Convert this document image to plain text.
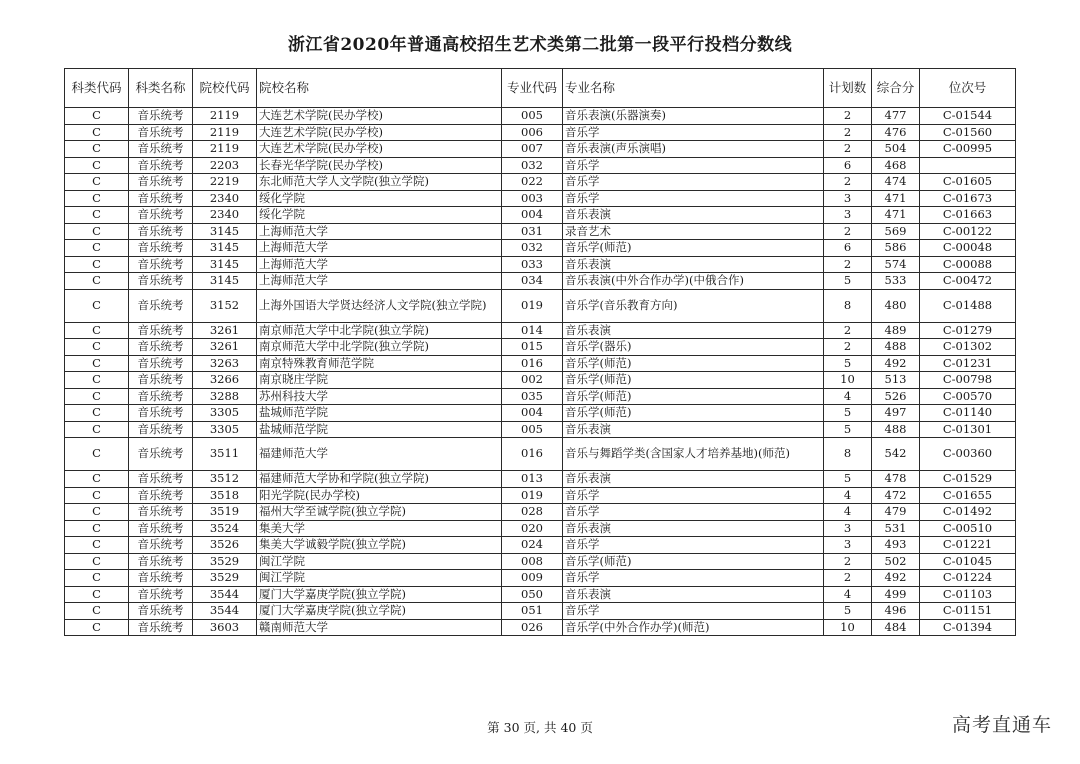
浙江省2020年普通高校招生艺术类第二批第一段平行投档分数线
科类代码	科类名称	院校代码	院校名称	专业代码	专业名称	计划数	综合分	位次号
C	音乐统考	2119	大连艺术学院(民办学校)	005	音乐表演(乐器演奏)	2	477	C-01544
C	音乐统考	2119	大连艺术学院(民办学校)	006	音乐学	2	476	C-01560
C	音乐统考	2119	大连艺术学院(民办学校)	007	音乐表演(声乐演唱)	2	504	C-00995
C	音乐统考	2203	长春光华学院(民办学校)	032	音乐学	6	468	
C	音乐统考	2219	东北师范大学人文学院(独立学院)	022	音乐学	2	474	C-01605
C	音乐统考	2340	绥化学院	003	音乐学	3	471	C-01673
C	音乐统考	2340	绥化学院	004	音乐表演	3	471	C-01663
C	音乐统考	3145	上海师范大学	031	录音艺术	2	569	C-00122
C	音乐统考	3145	上海师范大学	032	音乐学(师范)	6	586	C-00048
C	音乐统考	3145	上海师范大学	033	音乐表演	2	574	C-00088
C	音乐统考	3145	上海师范大学	034	音乐表演(中外合作办学)(中俄合作)	5	533	C-00472
C	音乐统考	3152	上海外国语大学贤达经济人文学院(独立学院)	019	音乐学(音乐教育方向)	8	480	C-01488
C	音乐统考	3261	南京师范大学中北学院(独立学院)	014	音乐表演	2	489	C-01279
C	音乐统考	3261	南京师范大学中北学院(独立学院)	015	音乐学(器乐)	2	488	C-01302
C	音乐统考	3263	南京特殊教育师范学院	016	音乐学(师范)	5	492	C-01231
C	音乐统考	3266	南京晓庄学院	002	音乐学(师范)	10	513	C-00798
C	音乐统考	3288	苏州科技大学	035	音乐学(师范)	4	526	C-00570
C	音乐统考	3305	盐城师范学院	004	音乐学(师范)	5	497	C-01140
C	音乐统考	3305	盐城师范学院	005	音乐表演	5	488	C-01301
C	音乐统考	3511	福建师范大学	016	音乐与舞蹈学类(含国家人才培养基地)(师范)	8	542	C-00360
C	音乐统考	3512	福建师范大学协和学院(独立学院)	013	音乐表演	5	478	C-01529
C	音乐统考	3518	阳光学院(民办学校)	019	音乐学	4	472	C-01655
C	音乐统考	3519	福州大学至诚学院(独立学院)	028	音乐学	4	479	C-01492
C	音乐统考	3524	集美大学	020	音乐表演	3	531	C-00510
C	音乐统考	3526	集美大学诚毅学院(独立学院)	024	音乐学	3	493	C-01221
C	音乐统考	3529	闽江学院	008	音乐学(师范)	2	502	C-01045
C	音乐统考	3529	闽江学院	009	音乐学	2	492	C-01224
C	音乐统考	3544	厦门大学嘉庚学院(独立学院)	050	音乐表演	4	499	C-01103
C	音乐统考	3544	厦门大学嘉庚学院(独立学院)	051	音乐学	5	496	C-01151
C	音乐统考	3603	赣南师范大学	026	音乐学(中外合作办学)(师范)	10	484	C-01394
第 30 页, 共 40 页	高考直通车
